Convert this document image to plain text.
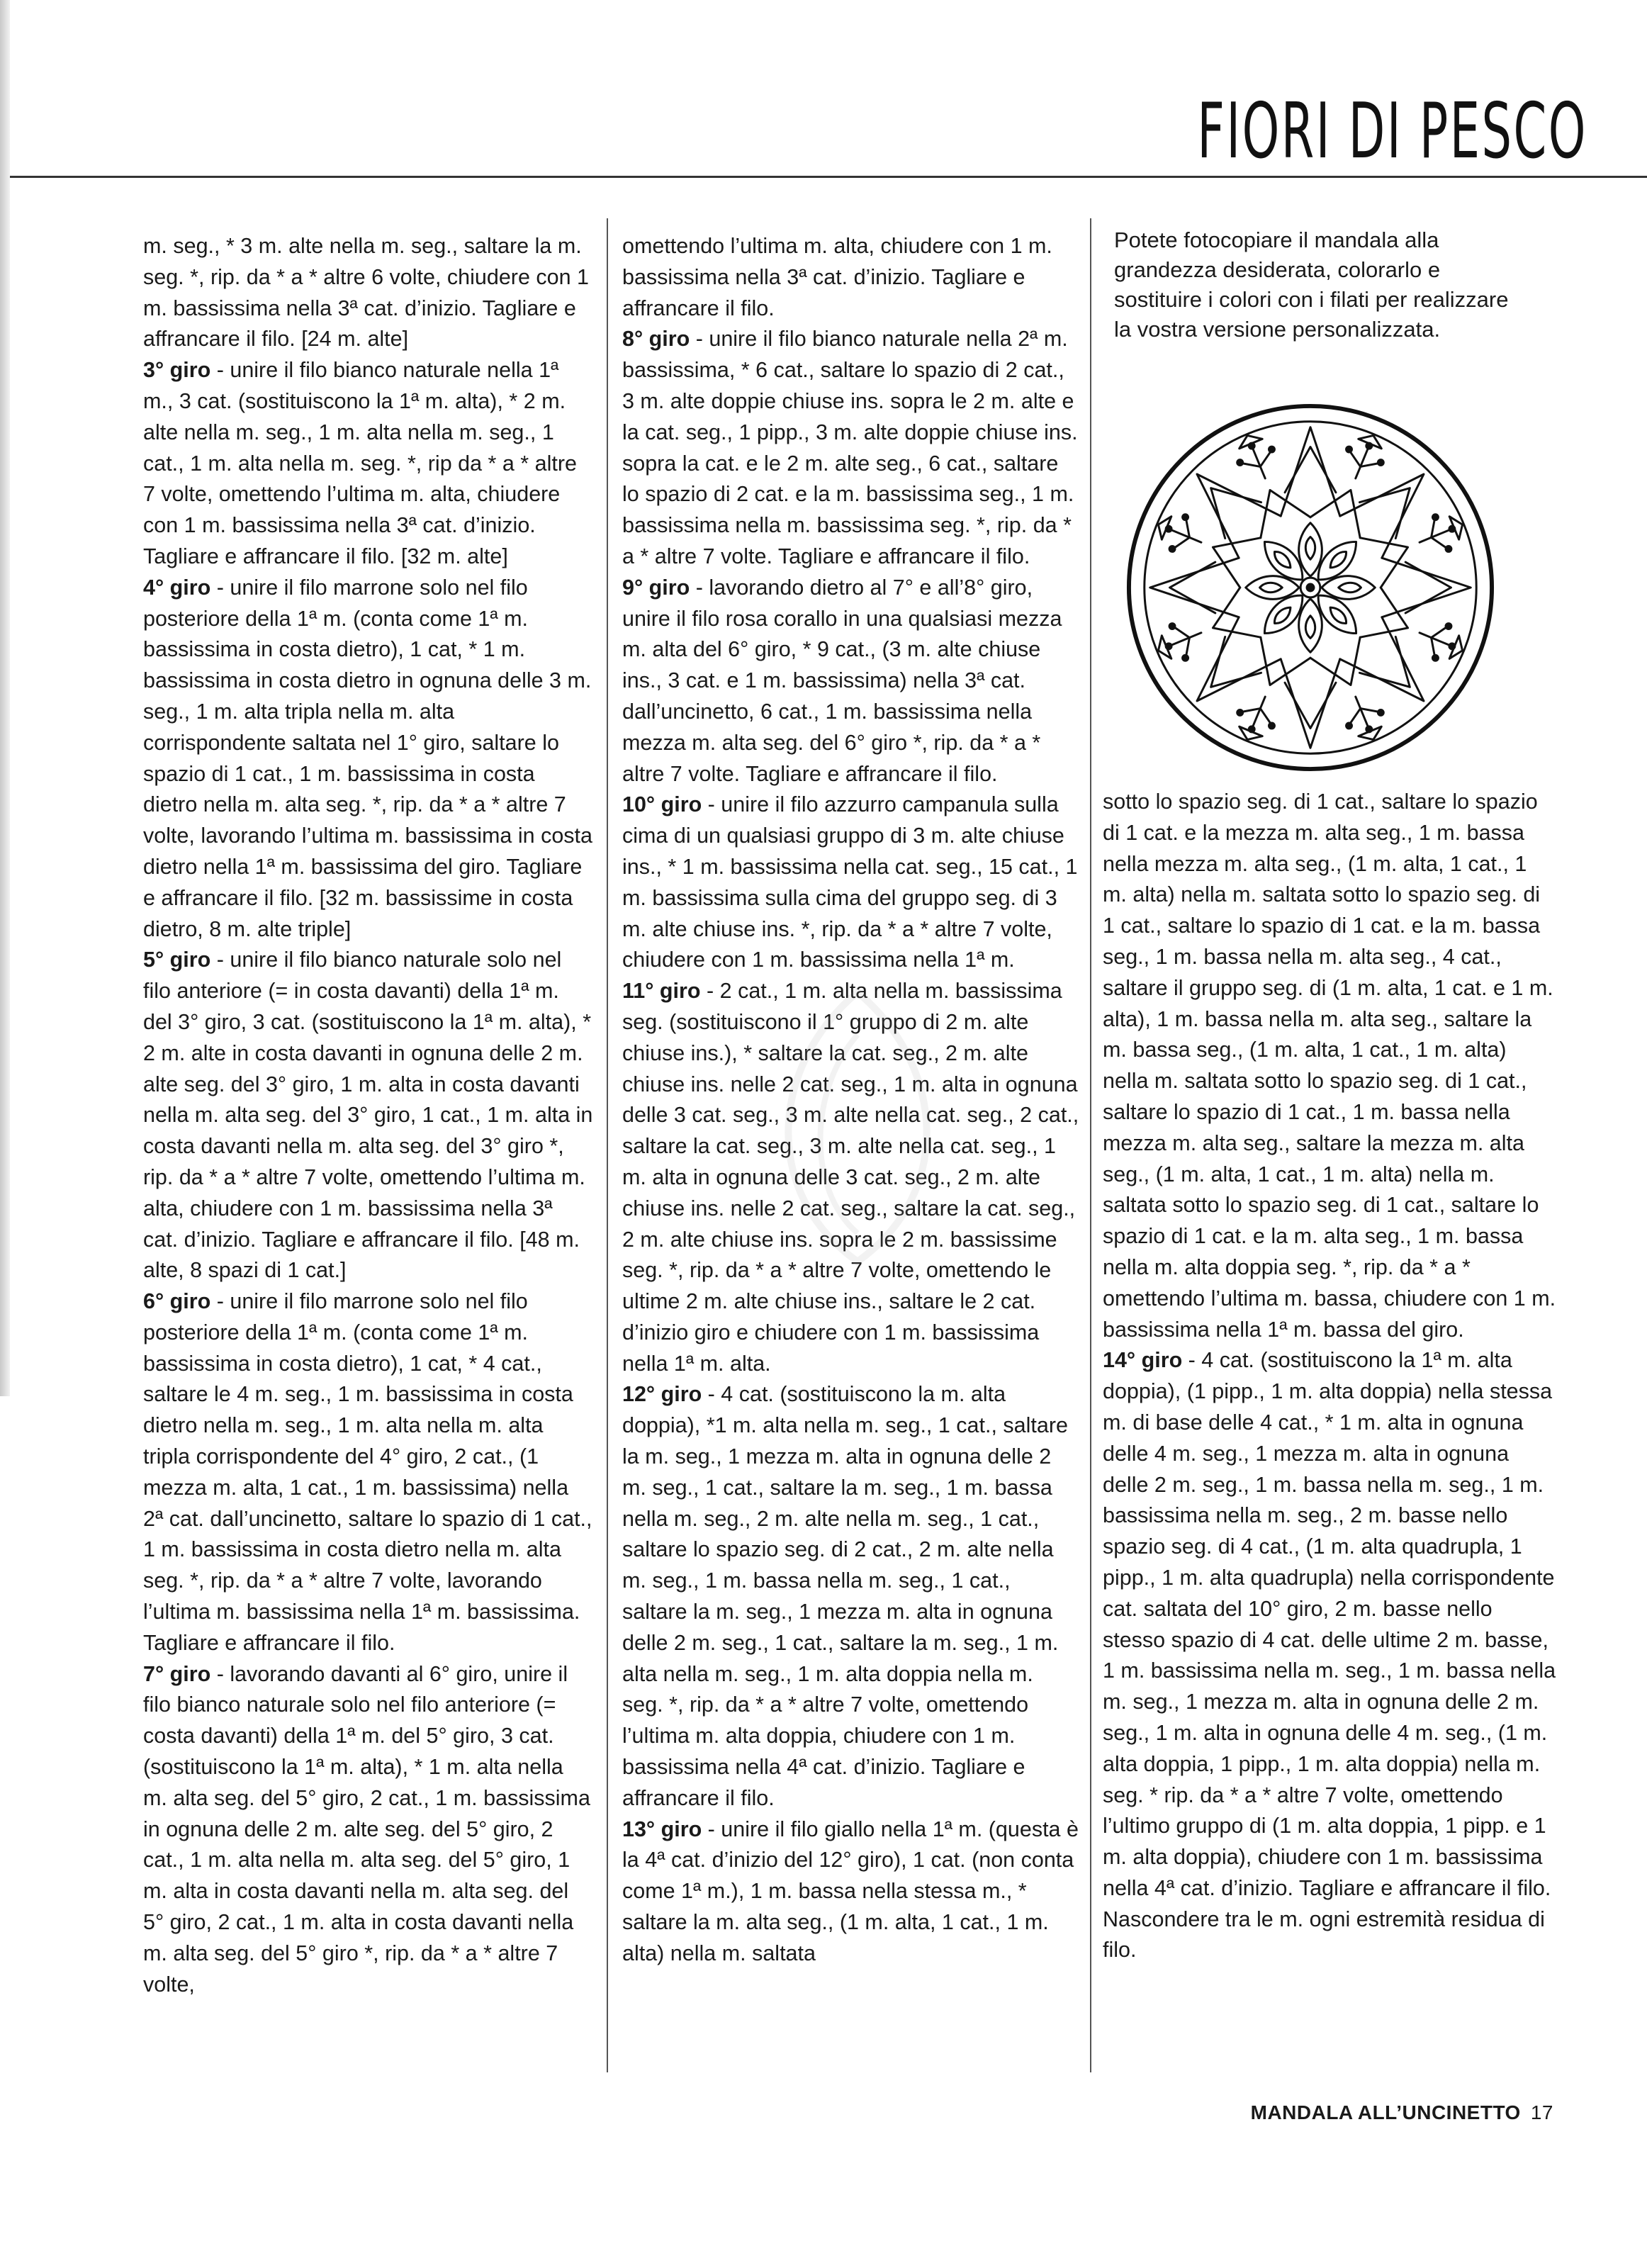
FIORI DI PESCO

m. seg., * 3 m. alte nella m. seg., saltare la m. seg. *, rip. da * a * altre 6 volte, chiudere con 1 m. bassissima nella 3ª cat. d’inizio. Tagliare e affrancare il filo. [24 m. alte]

3° giro - unire il filo bianco naturale nella 1ª m., 3 cat. (sostituiscono la 1ª m. alta), * 2 m. alte nella m. seg., 1 m. alta nella m. seg., 1 cat., 1 m. alta nella m. seg. *, rip da * a * altre 7 volte, omettendo l’ultima m. alta, chiudere con 1 m. bassissima nella 3ª cat. d’inizio. Tagliare e affrancare il filo. [32 m. alte]

4° giro - unire il filo marrone solo nel filo posteriore della 1ª m. (conta come 1ª m. bassissima in costa dietro), 1 cat, * 1 m. bassissima in costa dietro in ognuna delle 3 m. seg., 1 m. alta tripla nella m. alta corrispondente saltata nel 1° giro, saltare lo spazio di 1 cat., 1 m. bassissima in costa dietro nella m. alta seg. *, rip. da * a * altre 7 volte, lavorando l’ultima m. bassissima in costa dietro nella 1ª m. bassissima del giro. Tagliare e affrancare il filo. [32 m. bassissime in costa dietro, 8 m. alte triple]

5° giro - unire il filo bianco naturale solo nel filo anteriore (= in costa davanti) della 1ª m. del 3° giro, 3 cat. (sostituiscono la 1ª m. alta), * 2 m. alte in costa davanti in ognuna delle 2 m. alte seg. del 3° giro, 1 m. alta in costa davanti nella m. alta seg. del 3° giro, 1 cat., 1 m. alta in costa davanti nella m. alta seg. del 3° giro *, rip. da * a * altre 7 volte, omettendo l’ultima m. alta, chiudere con 1 m. bassissima nella 3ª cat. d’inizio. Tagliare e affrancare il filo. [48 m. alte, 8 spazi di 1 cat.]

6° giro - unire il filo marrone solo nel filo posteriore della 1ª m. (conta come 1ª m. bassissima in costa dietro), 1 cat, * 4 cat., saltare le 4 m. seg., 1 m. bassissima in costa dietro nella m. seg., 1 m. alta nella m. alta tripla corrispondente del 4° giro, 2 cat., (1 mezza m. alta, 1 cat., 1 m. bassissima) nella 2ª cat. dall’uncinetto, saltare lo spazio di 1 cat., 1 m. bassissima in costa dietro nella m. alta seg. *, rip. da * a * altre 7 volte, lavorando l’ultima m. bassissima nella 1ª m. bassissima. Tagliare e affrancare il filo.

7° giro - lavorando davanti al 6° giro, unire il filo bianco naturale solo nel filo anteriore (= costa davanti) della 1ª m. del 5° giro, 3 cat. (sostituiscono la 1ª m. alta), * 1 m. alta nella m. alta seg. del 5° giro, 2 cat., 1 m. bassissima in ognuna delle 2 m. alte seg. del 5° giro, 2 cat., 1 m. alta nella m. alta seg. del 5° giro, 1 m. alta in costa davanti nella m. alta seg. del 5° giro, 2 cat., 1 m. alta in costa davanti nella m. alta seg. del 5° giro *, rip. da * a * altre 7 volte,

omettendo l’ultima m. alta, chiudere con 1 m. bassissima nella 3ª cat. d’inizio. Tagliare e affrancare il filo.

8° giro - unire il filo bianco naturale nella 2ª m. bassissima, * 6 cat., saltare lo spazio di 2 cat., 3 m. alte doppie chiuse ins. sopra le 2 m. alte e la cat. seg., 1 pipp., 3 m. alte doppie chiuse ins. sopra la cat. e le 2 m. alte seg., 6 cat., saltare lo spazio di 2 cat. e la m. bassissima seg., 1 m. bassissima nella m. bassissima seg. *, rip. da * a * altre 7 volte. Tagliare e affrancare il filo.

9° giro - lavorando dietro al 7° e all’8° giro, unire il filo rosa corallo in una qualsiasi mezza m. alta del 6° giro, * 9 cat., (3 m. alte chiuse ins., 3 cat. e 1 m. bassissima) nella 3ª cat. dall’uncinetto, 6 cat., 1 m. bassissima nella mezza m. alta seg. del 6° giro *, rip. da * a * altre 7 volte. Tagliare e affrancare il filo.

10° giro - unire il filo azzurro campanula sulla cima di un qualsiasi gruppo di 3 m. alte chiuse ins., * 1 m. bassissima nella cat. seg., 15 cat., 1 m. bassissima sulla cima del gruppo seg. di 3 m. alte chiuse ins. *, rip. da * a * altre 7 volte, chiudere con 1 m. bassissima nella 1ª m.

11° giro - 2 cat., 1 m. alta nella m. bassissima seg. (sostituiscono il 1° gruppo di 2 m. alte chiuse ins.), * saltare la cat. seg., 2 m. alte chiuse ins. nelle 2 cat. seg., 1 m. alta in ognuna delle 3 cat. seg., 3 m. alte nella cat. seg., 2 cat., saltare la cat. seg., 3 m. alte nella cat. seg., 1 m. alta in ognuna delle 3 cat. seg., 2 m. alte chiuse ins. nelle 2 cat. seg., saltare la cat. seg., 2 m. alte chiuse ins. sopra le 2 m. bassissime seg. *, rip. da * a * altre 7 volte, omettendo le ultime 2 m. alte chiuse ins., saltare le 2 cat. d’inizio giro e chiudere con 1 m. bassissima nella 1ª m. alta.

12° giro - 4 cat. (sostituiscono la m. alta doppia), *1 m. alta nella m. seg., 1 cat., saltare la m. seg., 1 mezza m. alta in ognuna delle 2 m. seg., 1 cat., saltare la m. seg., 1 m. bassa nella m. seg., 2 m. alte nella m. seg., 1 cat., saltare lo spazio seg. di 2 cat., 2 m. alte nella m. seg., 1 m. bassa nella m. seg., 1 cat., saltare la m. seg., 1 mezza m. alta in ognuna delle 2 m. seg., 1 cat., saltare la m. seg., 1 m. alta nella m. seg., 1 m. alta doppia nella m. seg. *, rip. da * a * altre 7 volte, omettendo l’ultima m. alta doppia, chiudere con 1 m. bassissima nella 4ª cat. d’inizio. Tagliare e affrancare il filo.

13° giro - unire il filo giallo nella 1ª m. (questa è la 4ª cat. d’inizio del 12° giro), 1 cat. (non conta come 1ª m.), 1 m. bassa nella stessa m., * saltare la m. alta seg., (1 m. alta, 1 cat., 1 m. alta) nella m. saltata

Potete fotocopiare il mandala alla grandezza desiderata, colorarlo e sostituire i colori con i filati per realizzare la vostra versione personalizzata.

sotto lo spazio seg. di 1 cat., saltare lo spazio di 1 cat. e la mezza m. alta seg., 1 m. bassa nella mezza m. alta seg., (1 m. alta, 1 cat., 1 m. alta) nella m. saltata sotto lo spazio seg. di 1 cat., saltare lo spazio di 1 cat. e la m. bassa seg., 1 m. bassa nella m. alta seg., 4 cat., saltare il gruppo seg. di (1 m. alta, 1 cat. e 1 m. alta), 1 m. bassa nella m. alta seg., saltare la m. bassa seg., (1 m. alta, 1 cat., 1 m. alta) nella m. saltata sotto lo spazio seg. di 1 cat., saltare lo spazio di 1 cat., 1 m. bassa nella mezza m. alta seg., saltare la mezza m. alta seg., (1 m. alta, 1 cat., 1 m. alta) nella m. saltata sotto lo spazio seg. di 1 cat., saltare lo spazio di 1 cat. e la m. alta seg., 1 m. bassa nella m. alta doppia seg. *, rip. da * a * omettendo l’ultima m. bassa, chiudere con 1 m. bassissima nella 1ª m. bassa del giro.

14° giro - 4 cat. (sostituiscono la 1ª m. alta doppia), (1 pipp., 1 m. alta doppia) nella stessa m. di base delle 4 cat., * 1 m. alta in ognuna delle 4 m. seg., 1 mezza m. alta in ognuna delle 2 m. seg., 1 m. bassa nella m. seg., 1 m. bassissima nella m. seg., 2 m. basse nello spazio seg. di 4 cat., (1 m. alta quadrupla, 1 pipp., 1 m. alta quadrupla) nella corrispondente cat. saltata del 10° giro, 2 m. basse nello stesso spazio di 4 cat. delle ultime 2 m. basse, 1 m. bassissima nella m. seg., 1 m. bassa nella m. seg., 1 mezza m. alta in ognuna delle 2 m. seg., 1 m. alta in ognuna delle 4 m. seg., (1 m. alta doppia, 1 pipp., 1 m. alta doppia) nella m. seg. * rip. da * a * altre 7 volte, omettendo l’ultimo gruppo di (1 m. alta doppia, 1 pipp. e 1 m. alta doppia), chiudere con 1 m. bassissima nella 4ª cat. d’inizio. Tagliare e affrancare il filo. Nascondere tra le m. ogni estremità residua di filo.

MANDALA ALL’UNCINETTO 17
